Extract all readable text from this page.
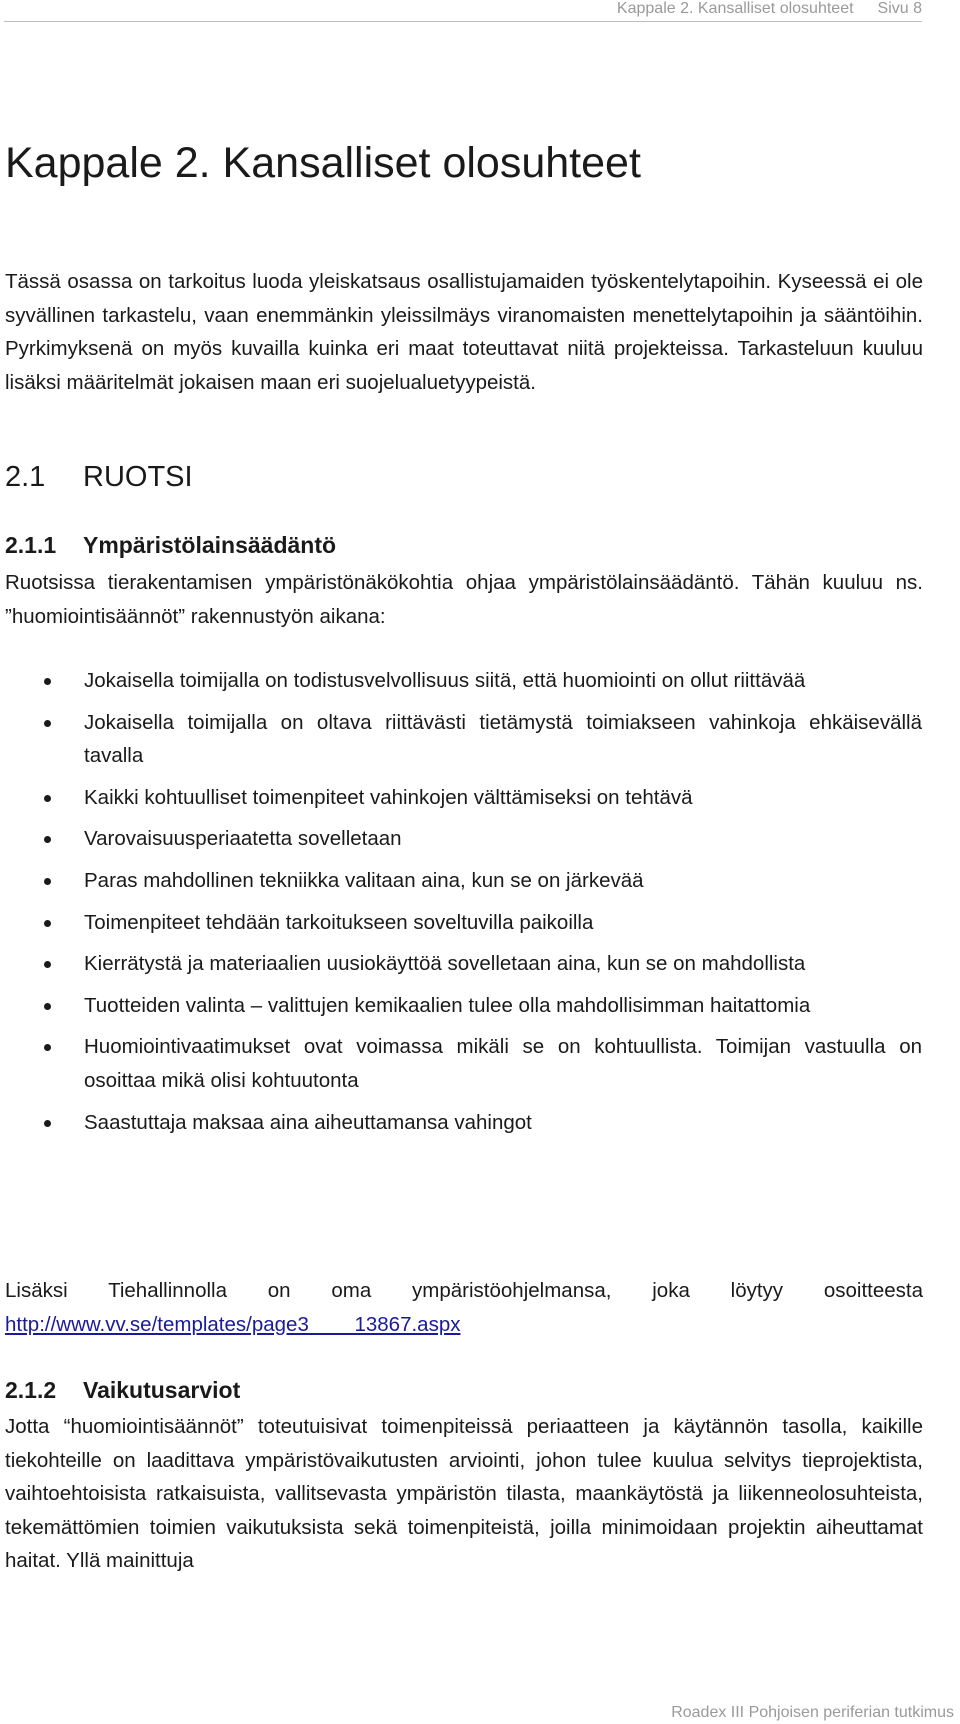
Kappale 2. Kansalliset olosuhteet Sivu 8
Kappale 2. Kansalliset olosuhteet

Tässä osassa on tarkoitus luoda yleiskatsaus osallistujamaiden työskentelytapoihin. Kyseessä ei ole syvällinen tarkastelu, vaan enemmänkin yleissilmäys viranomaisten menettelytapoihin ja sääntöihin. Pyrkimyksenä on myös kuvailla kuinka eri maat toteuttavat niitä projekteissa. Tarkasteluun kuuluu lisäksi määritelmät jokaisen maan eri suojelualuetyypeistä.

2.1 RUOTSI
2.1.1 Ympäristölainsäädäntö

Ruotsissa tierakentamisen ympäristönäkökohtia ohjaa ympäristölainsäädäntö. Tähän kuuluu ns. ”huomiointisäännöt” rakennustyön aikana:

Jokaisella toimijalla on todistusvelvollisuus siitä, että huomiointi on ollut riittävää
Jokaisella toimijalla on oltava riittävästi tietämystä toimiakseen vahinkoja ehkäisevällä tavalla
Kaikki kohtuulliset toimenpiteet vahinkojen välttämiseksi on tehtävä
Varovaisuusperiaatetta sovelletaan
Paras mahdollinen tekniikka valitaan aina, kun se on järkevää
Toimenpiteet tehdään tarkoitukseen soveltuvilla paikoilla
Kierrätystä ja materiaalien uusiokäyttöä sovelletaan aina, kun se on mahdollista
Tuotteiden valinta – valittujen kemikaalien tulee olla mahdollisimman haitattomia
Huomiointivaatimukset ovat voimassa mikäli se on kohtuullista. Toimijan vastuulla on osoittaa mikä olisi kohtuutonta
Saastuttaja maksaa aina aiheuttamansa vahingot

Lisäksi Tiehallinnolla on oma ympäristöohjelmansa, joka löytyy osoitteesta http://www.vv.se/templates/page3____13867.aspx

2.1.2 Vaikutusarviot

Jotta “huomiointisäännöt” toteutuisivat toimenpiteissä periaatteen ja käytännön tasolla, kaikille tiekohteille on laadittava ympäristövaikutusten arviointi, johon tulee kuulua selvitys tieprojektista, vaihtoehtoisista ratkaisuista, vallitsevasta ympäristön tilasta, maankäytöstä ja liikenneolosuhteista, tekemättömien toimien vaikutuksista sekä toimenpiteistä, joilla minimoidaan projektin aiheuttamat haitat. Yllä mainittuja

Roadex III Pohjoisen periferian tutkimus
